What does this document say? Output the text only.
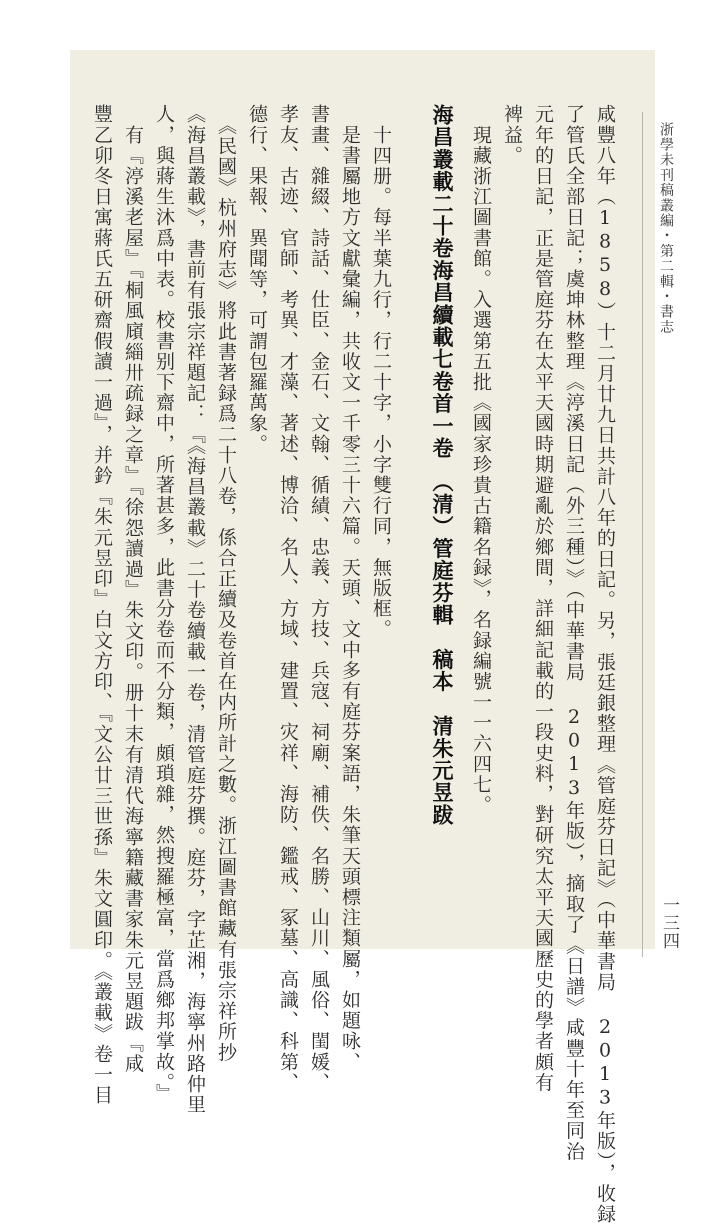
浙學未刊稿叢編・第二輯・書志
咸豐八年（1858）十二月廿九日共計八年的日記。另，張廷銀整理《管庭芬日記》（中華書局 2013年版），收録
了管氏全部日記；虞坤林整理《渟溪日記（外三種）》（中華書局 2013年版），摘取了《日譜》咸豐十年至同治
元年的日記，正是管庭芬在太平天國時期避亂於鄉間，詳細記載的一段史料，對研究太平天國歷史的學者頗有
裨益。
　現藏浙江圖書館。入選第五批《國家珍貴古籍名録》，名録編號一一六四七。
海昌叢載二十卷海昌續載七卷首一卷　（清）管庭芬輯　稿本　清朱元昱跋
　十四册。每半葉九行，行二十字，小字雙行同，無版框。
　是書屬地方文獻彙編，共收文一千零三十六篇。天頭、文中多有庭芬案語，朱筆天頭標注類屬，如題咏、
書畫、雜綴、詩話、仕臣、金石、文翰、循績、忠義、方技、兵寇、祠廟、補佚、名勝、山川、風俗、閨媛、
孝友、古迹、官師、考異、才藻、著述、博洽、名人、方域、建置、灾祥、海防、鑑戒、冢墓、高識、科第、
德行、果報、異聞等，可謂包羅萬象。
　《民國》杭州府志》將此書著録爲二十八卷，係合正續及卷首在内所計之數。浙江圖書館藏有張宗祥所抄
《海昌叢載》，書前有張宗祥題記：『《海昌叢載》二十卷續載一卷，清管庭芬撰。庭芬，字芷湘，海寧州路仲里
人，與蔣生沐爲中表。校書别下齋中，所著甚多，此書分卷而不分類，頗瑣雜，然搜羅極富，當爲鄉邦掌故。』
　有『渟溪老屋』『桐風廎緇卅疏録之章』『徐怨讀過』朱文印。册十末有清代海寧籍藏書家朱元昱題跋『咸
豐乙卯冬日寓蔣氏五研齋假讀一過』，并鈐『朱元昱印』白文方印、『文公廿三世孫』朱文圓印。《叢載》卷一目	一三四
